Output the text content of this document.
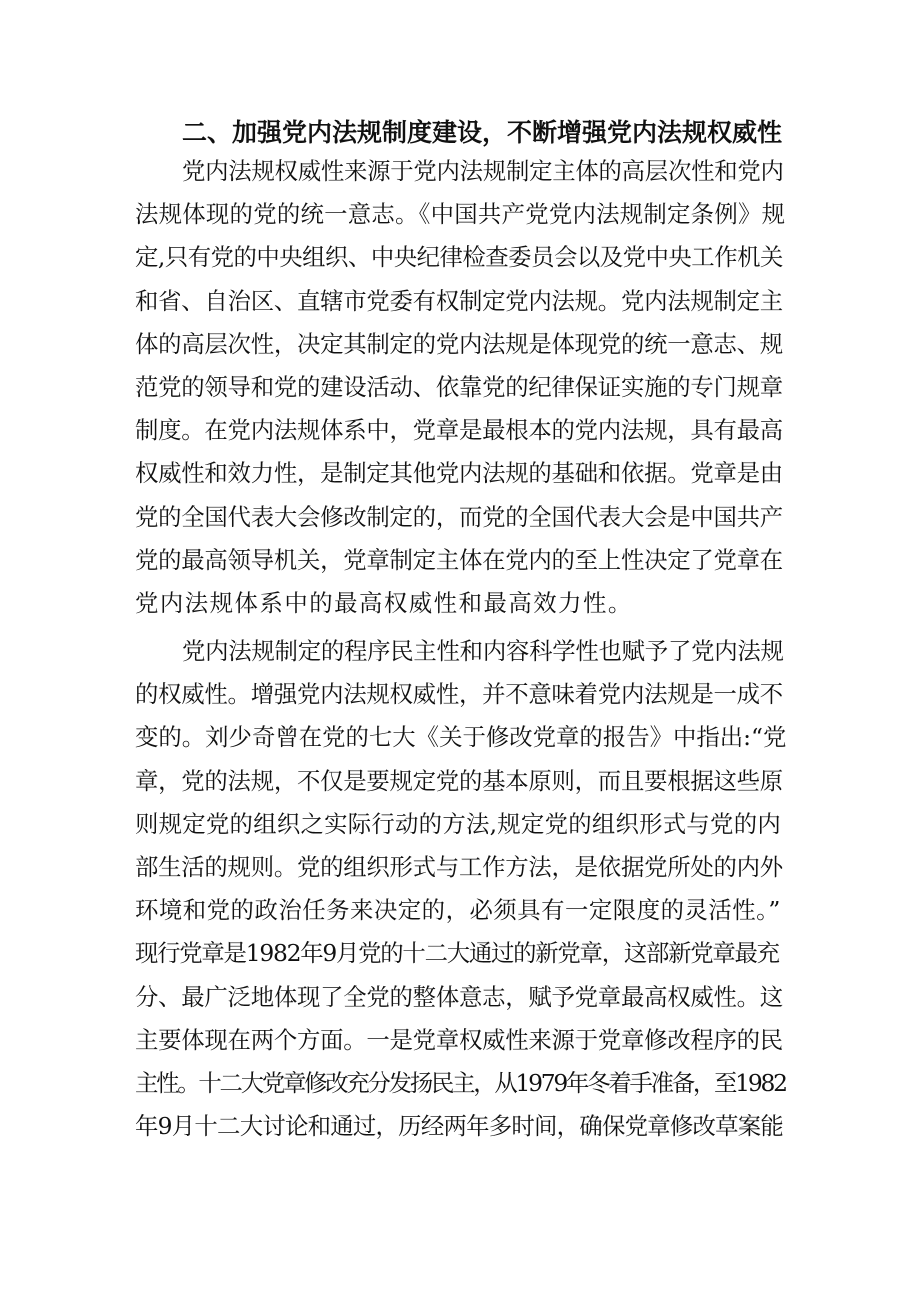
二、加强党内法规制度建设，不断增强党内法规权威性
党内法规权威性来源于党内法规制定主体的高层次性和党内
法规体现的党的统一意志。《中国共产党党内法规制定条例》规
定,只有党的中央组织、中央纪律检查委员会以及党中央工作机关
和省、自治区、直辖市党委有权制定党内法规。党内法规制定主
体的高层次性，决定其制定的党内法规是体现党的统一意志、规
范党的领导和党的建设活动、依靠党的纪律保证实施的专门规章
制度。在党内法规体系中，党章是最根本的党内法规，具有最高
权威性和效力性，是制定其他党内法规的基础和依据。党章是由
党的全国代表大会修改制定的，而党的全国代表大会是中国共产
党的最高领导机关，党章制定主体在党内的至上性决定了党章在
党内法规体系中的最高权威性和最高效力性。
党内法规制定的程序民主性和内容科学性也赋予了党内法规
的权威性。增强党内法规权威性，并不意味着党内法规是一成不
变的。刘少奇曾在党的七大《关于修改党章的报告》中指出:“党
章，党的法规，不仅是要规定党的基本原则，而且要根据这些原
则规定党的组织之实际行动的方法,规定党的组织形式与党的内
部生活的规则。党的组织形式与工作方法，是依据党所处的内外
环境和党的政治任务来决定的，必须具有一定限度的灵活性。”
现行党章是1982年9月党的十二大通过的新党章，这部新党章最充
分、最广泛地体现了全党的整体意志，赋予党章最高权威性。这
主要体现在两个方面。一是党章权威性来源于党章修改程序的民
主性。十二大党章修改充分发扬民主，从1979年冬着手准备，至1982
年9月十二大讨论和通过，历经两年多时间，确保党章修改草案能
